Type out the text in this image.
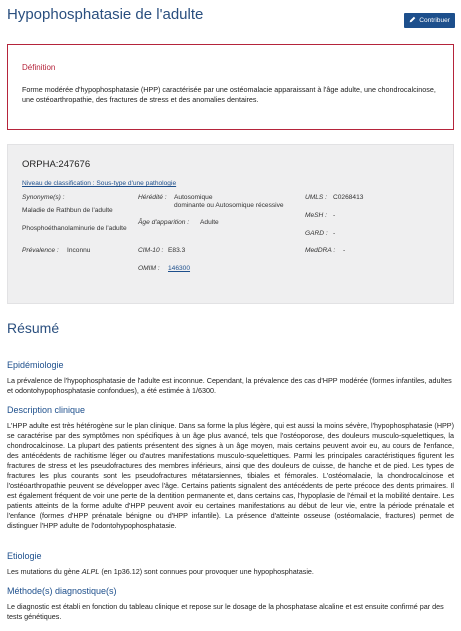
Hypophosphatasie de l'adulte	Contribuer
Définition
Forme modérée d'hypophosphatasie (HPP) caractérisée par une ostéomalacie apparaissant à l'âge adulte, une chondrocalcinose, une ostéoarthropathie, des fractures de stress et des anomalies dentaires.
ORPHA:247676
Niveau de classification : Sous-type d'une pathologie
Synonyme(s) :
Maladie de Rathbun de l'adulte
Phosphoéthanolaminurie de l'adulte
Prévalence : Inconnu
Hérédité : Autosomique
dominante ou Autosomique récessive
Âge d'apparition : Adulte
CIM-10 : E83.3
OMIM : 146300
UMLS : C0268413
MeSH : -
GARD : -
MedDRA : -
Résumé
Epidémiologie
La prévalence de l'hypophosphatasie de l'adulte est inconnue. Cependant, la prévalence des cas d'HPP modérée (formes infantiles, adultes et odontohypophosphatasie confondues), a été estimée à 1/6300.
Description clinique
L'HPP adulte est très hétérogène sur le plan clinique. Dans sa forme la plus légère, qui est aussi la moins sévère, l'hypophosphatasie (HPP) se caractérise par des symptômes non spécifiques à un âge plus avancé, tels que l'ostéoporose, des douleurs musculo-squelettiques, la chondrocalcinose. La plupart des patients présentent des signes à un âge moyen, mais certains peuvent avoir eu, au cours de l'enfance, des antécédents de rachitisme léger ou d'autres manifestations musculo-squelettiques. Parmi les principales caractéristiques figurent les fractures de stress et les pseudofractures des membres inférieurs, ainsi que des douleurs de cuisse, de hanche et de pied. Les types de fractures les plus courants sont les pseudofractures métatarsiennes, tibiales et fémorales. L'ostéomalacie, la chondrocalcinose et l'ostéoarthropathie peuvent se développer avec l'âge. Certains patients signalent des antécédents de perte précoce des dents primaires. Il est également fréquent de voir une perte de la dentition permanente et, dans certains cas, l'hypoplasie de l'émail et la mobilité dentaire. Les patients atteints de la forme adulte d'HPP peuvent avoir eu certaines manifestations au début de leur vie, entre la période prénatale et l'enfance (formes d'HPP prénatale bénigne ou d'HPP infantile). La présence d'atteinte osseuse (ostéomalacie, fractures) permet de distinguer l'HPP adulte de l'odontohypophosphatasie.
Etiologie
Les mutations du gène ALPL (en 1p36.12) sont connues pour provoquer une hypophosphatasie.
Méthode(s) diagnostique(s)
Le diagnostic est établi en fonction du tableau clinique et repose sur le dosage de la phosphatase alcaline et est ensuite confirmé par des tests génétiques.
